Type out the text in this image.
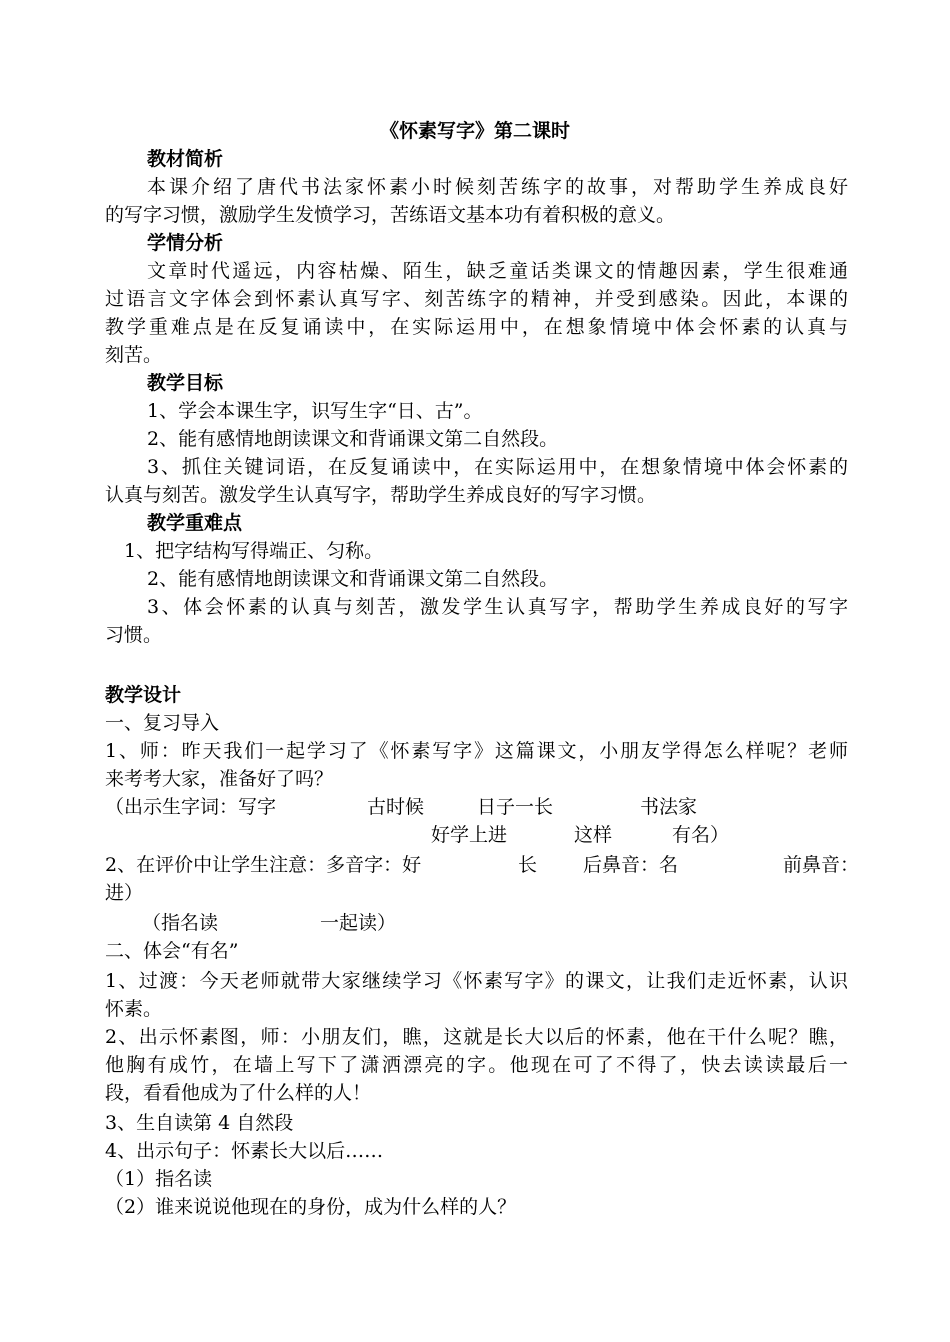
《怀素写字》第二课时
教材简析
本课介绍了唐代书法家怀素小时候刻苦练字的故事，对帮助学生养成良好
的写字习惯，激励学生发愤学习，苦练语文基本功有着积极的意义。
学情分析
文章时代遥远，内容枯燥、陌生，缺乏童话类课文的情趣因素，学生很难通
过语言文字体会到怀素认真写字、刻苦练字的精神，并受到感染。因此，本课的
教学重难点是在反复诵读中，在实际运用中，在想象情境中体会怀素的认真与
刻苦。
教学目标
1、学会本课生字，识写生字“日、古”。
2、能有感情地朗读课文和背诵课文第二自然段。
3、抓住关键词语，在反复诵读中，在实际运用中，在想象情境中体会怀素的
认真与刻苦。激发学生认真写字，帮助学生养成良好的写字习惯。
教学重难点
1、把字结构写得端正、匀称。
2、能有感情地朗读课文和背诵课文第二自然段。
3、体会怀素的认真与刻苦，激发学生认真写字，帮助学生养成良好的写字
习惯。
教学设计
一、复习导入
1、师：昨天我们一起学习了《怀素写字》这篇课文，小朋友学得怎么样呢？老师
来考考大家，准备好了吗？
（出示生字词：写字	古时候	日子一长	书法家
好学上进	这样	有名）
2、在评价中让学生注意：多音字：好	长 后鼻音：名	前鼻音：
进）
（指名读	一起读）
二、体会“有名”
1、过渡：今天老师就带大家继续学习《怀素写字》的课文，让我们走近怀素，认识
怀素。
2、出示怀素图，师：小朋友们，瞧，这就是长大以后的怀素，他在干什么呢？瞧，
他胸有成竹，在墙上写下了潇洒漂亮的字。他现在可了不得了，快去读读最后一
段，看看他成为了什么样的人！
3、生自读第 4 自然段
4、出示句子：怀素长大以后……
（1）指名读
（2）谁来说说他现在的身份，成为什么样的人？
